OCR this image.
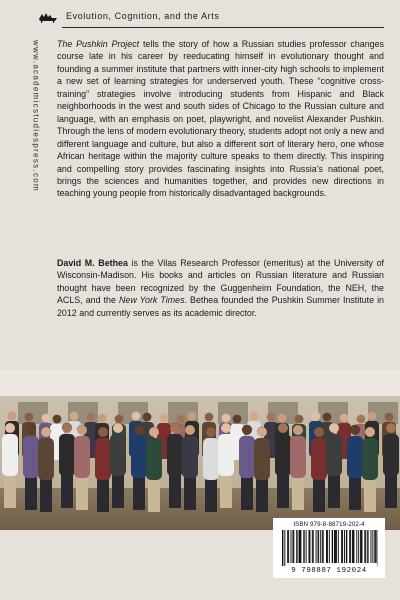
Evolution, Cognition, and the Arts
www.academicstudiespress.com The Pushkin Project tells the story of how a Russian studies professor changes course late in his career by reeducating himself in evolutionary thought and founding a summer institute that partners with inner-city high schools to implement a new set of learning strategies for underserved youth. These “cognitive cross-training” strategies involve introducing students from Hispanic and Black neighborhoods in the west and south sides of Chicago to the Russian culture and language, with an emphasis on poet, playwright, and novelist Alexander Pushkin. Through the lens of modern evolutionary theory, students adopt not only a new and different language and culture, but also a different sort of literary hero, one whose African heritage within the majority culture speaks to them directly. This inspiring and compelling story provides fascinating insights into Russia’s national poet, brings the sciences and humanities together, and provides new directions in teaching young people from historically disadvantaged backgrounds.
David M. Bethea is the Vilas Research Professor (emeritus) at the University of Wisconsin-Madison. His books and articles on Russian literature and Russian thought have been recognized by the Guggenheim Foundation, the NEH, the ACLS, and the New York Times. Bethea founded the Pushkin Summer Institute in 2012 and currently serves as its academic director.
ISBN 979-8-88719-202-4
9 798887 192024
